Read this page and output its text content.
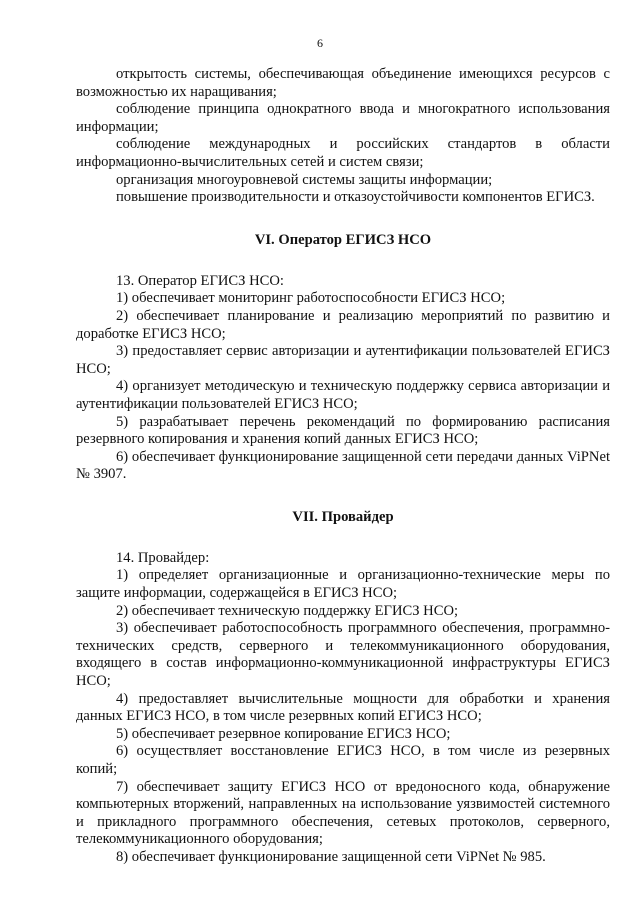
6

открытость системы, обеспечивающая объединение имеющихся ресурсов с возможностью их наращивания;

соблюдение принципа однократного ввода и многократного использования информации;

соблюдение международных и российских стандартов в области информационно-вычислительных сетей и систем связи;

организация многоуровневой системы защиты информации;

повышение производительности и отказоустойчивости компонентов ЕГИСЗ.

VI. Оператор ЕГИСЗ НСО

13. Оператор ЕГИСЗ НСО:

1) обеспечивает мониторинг работоспособности ЕГИСЗ НСО;

2) обеспечивает планирование и реализацию мероприятий по развитию и доработке ЕГИСЗ НСО;

3) предоставляет сервис авторизации и аутентификации пользователей ЕГИСЗ НСО;

4) организует методическую и техническую поддержку сервиса авторизации и аутентификации пользователей ЕГИСЗ НСО;

5) разрабатывает перечень рекомендаций по формированию расписания резервного копирования и хранения копий данных ЕГИСЗ НСО;

6) обеспечивает функционирование защищенной сети передачи данных ViPNet № 3907.

VII. Провайдер

14. Провайдер:

1) определяет организационные и организационно-технические меры по защите информации, содержащейся в ЕГИСЗ НСО;

2) обеспечивает техническую поддержку ЕГИСЗ НСО;

3) обеспечивает работоспособность программного обеспечения, программно-технических средств, серверного и телекоммуникационного оборудования, входящего в состав информационно-коммуникационной инфраструктуры ЕГИСЗ НСО;

4) предоставляет вычислительные мощности для обработки и хранения данных ЕГИСЗ НСО, в том числе резервных копий ЕГИСЗ НСО;

5) обеспечивает резервное копирование ЕГИСЗ НСО;

6) осуществляет восстановление ЕГИСЗ НСО, в том числе из резервных копий;

7) обеспечивает защиту ЕГИСЗ НСО от вредоносного кода, обнаружение компьютерных вторжений, направленных на использование уязвимостей системного и прикладного программного обеспечения, сетевых протоколов, серверного, телекоммуникационного оборудования;

8) обеспечивает функционирование защищенной сети ViPNet № 985.
